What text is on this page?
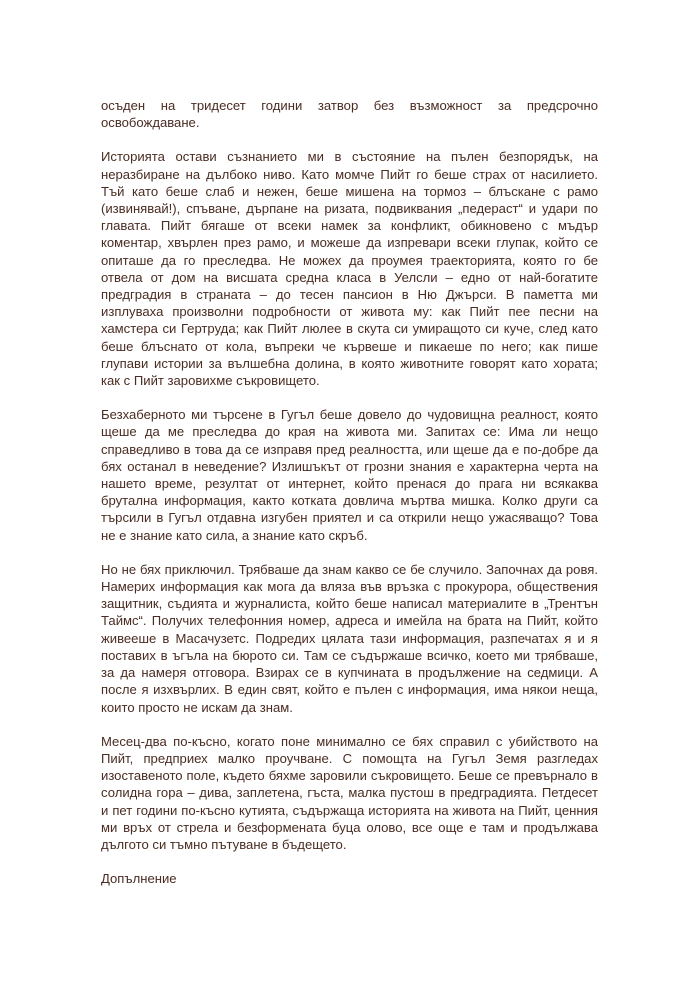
осъден на тридесет години затвор без възможност за предсрочно освобождаване.

Историята остави съзнанието ми в състояние на пълен безпорядък, на неразбиране на дълбоко ниво. Като момче Пийт го беше страх от насилието. Тъй като беше слаб и нежен, беше мишена на тормоз – блъскане с рамо (извинявай!), спъване, дърпане на ризата, подвиквания „педераст“ и удари по главата. Пийт бягаше от всеки намек за конфликт, обикновено с мъдър коментар, хвърлен през рамо, и можеше да изпревари всеки глупак, който се опиташе да го преследва. Не можех да проумея траекторията, която го бе отвела от дом на висшата средна класа в Уелсли – едно от най-богатите предградия в страната – до тесен пансион в Ню Джърси. В паметта ми изплуваха произволни подробности от живота му: как Пийт пее песни на хамстера си Гертруда; как Пийт люлее в скута си умиращото си куче, след като беше блъснато от кола, въпреки че кървеше и пикаеше по него; как пише глупави истории за вълшебна долина, в която животните говорят като хората; как с Пийт заровихме съкровището.

Безхаберното ми търсене в Гугъл беше довело до чудовищна реалност, която щеше да ме преследва до края на живота ми. Запитах се: Има ли нещо справедливо в това да се изправя пред реалността, или щеше да е по-добре да бях останал в неведение? Излишъкът от грозни знания е характерна черта на нашето време, резултат от интернет, който пренася до прага ни всякаква брутална информация, както котката довлича мъртва мишка. Колко други са търсили в Гугъл отдавна изгубен приятел и са открили нещо ужасяващо? Това не е знание като сила, а знание като скръб.

Но не бях приключил. Трябваше да знам какво се бе случило. Започнах да ровя. Намерих информация как мога да вляза във връзка с прокурора, обществения защитник, съдията и журналиста, който беше написал материалите в „Трентън Таймс“. Получих телефонния номер, адреса и имейла на брата на Пийт, който живееше в Масачузетс. Подредих цялата тази информация, разпечатах я и я поставих в ъгъла на бюрото си. Там се съдържаше всичко, което ми трябваше, за да намеря отговора. Взирах се в купчината в продължение на седмици. А после я изхвърлих. В един свят, който е пълен с информация, има някои неща, които просто не искам да знам.

Месец-два по-късно, когато поне минимално се бях справил с убийството на Пийт, предприех малко проучване. С помощта на Гугъл Земя разгледах изоставеното поле, където бяхме заровили съкровището. Беше се превърнало в солидна гора – дива, заплетена, гъста, малка пустош в предградията. Петдесет и пет години по-късно кутията, съдържаща историята на живота на Пийт, ценния ми връх от стрела и безформената буца олово, все още е там и продължава дългото си тъмно пътуване в бъдещето.

Допълнение
